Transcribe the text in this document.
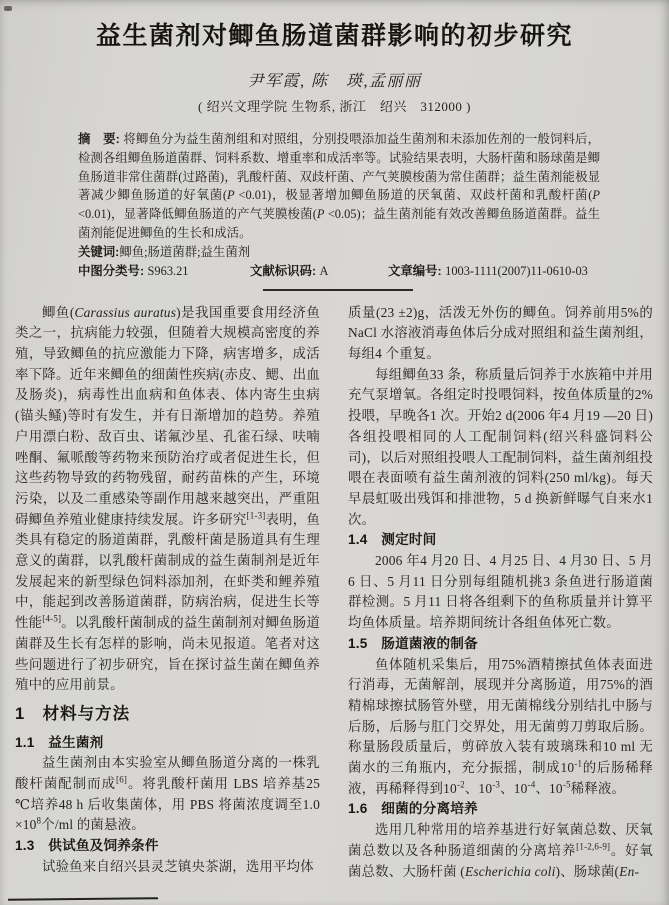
益生菌剂对鲫鱼肠道菌群影响的初步研究
尹军霞, 陈　瑛,孟丽丽
( 绍兴文理学院 生物系, 浙江　绍兴　312000 )
摘　要: 将鲫鱼分为益生菌剂组和对照组，分别投喂添加益生菌剂和未添加佐剂的一般饲料后，检测各组鲫鱼肠道菌群、饲料系数、增重率和成活率等。试验结果表明，大肠杆菌和肠球菌是鲫鱼肠道非常住菌群(过路菌)，乳酸杆菌、双歧杆菌、产气荚膜梭菌为常住菌群；益生菌剂能极显著减少鲫鱼肠道的好氧菌(P <0.01)，极显著增加鲫鱼肠道的厌氧菌、双歧杆菌和乳酸杆菌(P <0.01)，显著降低鲫鱼肠道的产气荚膜梭菌(P <0.05)；益生菌剂能有效改善鲫鱼肠道菌群。益生菌剂能促进鲫鱼的生长和成活。
关键词:鲫鱼;肠道菌群;益生菌剂
中图分类号: S963.21	文献标识码: A	文章编号: 1003-1111(2007)11-0610-03
鲫鱼(Carassius auratus)是我国重要食用经济鱼类之一，抗病能力较强，但随着大规模高密度的养殖，导致鲫鱼的抗应激能力下降，病害增多，成活率下降。近年来鲫鱼的细菌性疾病(赤皮、鳃、出血及肠炎)，病毒性出血病和鱼体表、体内寄生虫病(锚头鳋)等时有发生，并有日渐增加的趋势。养殖户用漂白粉、敌百虫、诺氟沙星、孔雀石绿、呋喃唑酮、氟哌酸等药物来预防治疗或者促进生长，但这些药物导致的药物残留，耐药苗株的产生，环境污染，以及二重感染等副作用越来越突出，严重阻碍鲫鱼养殖业健康持续发展。许多研究[1-3]表明，鱼类具有稳定的肠道菌群，乳酸杆菌是肠道具有生理意义的菌群，以乳酸杆菌制成的益生菌制剂是近年发展起来的新型绿色饲料添加剂，在虾类和鲤养殖中，能起到改善肠道菌群，防病治病，促进生长等性能[4-5]。以乳酸杆菌制成的益生菌制剂对鲫鱼肠道菌群及生长有怎样的影响，尚未见报道。笔者对这些问题进行了初步研究，旨在探讨益生菌在鲫鱼养殖中的应用前景。
1　材料与方法
1.1　益生菌剂
益生菌剂由本实验室从鲫鱼肠道分离的一株乳酸杆菌配制而成[6]。将乳酸杆菌用 LBS 培养基25 ℃培养48 h 后收集菌体，用 PBS 将菌浓度调至$1.0 \times 10^8$个/ml 的菌悬液。
1.3　供试鱼及饲养条件
试验鱼来自绍兴县灵芝镇央茶湖，选用平均体
质量(23 ±2)g，活泼无外伤的鲫鱼。饲养前用5%的 NaCl 水溶液消毒鱼体后分成对照组和益生菌剂组，每组4 个重复。
每组鲫鱼33 条，称质量后饲养于水族箱中并用充气泵增氧。各组定时投喂饲料，按鱼体质量的2%投喂，早晚各1 次。开始2 d(2006 年4 月19 —20 日)各组投喂相同的人工配制饲料(绍兴科盛饲料公司)，以后对照组投喂人工配制饲料，益生菌剂组投喂在表面喷有益生菌剂液的饲料(250 ml/kg)。每天早晨虹吸出残饵和排泄物，5 d 换新鲜曝气自来水1 次。
1.4　测定时间
2006 年4 月20 日、4 月25 日、4 月30 日、5 月6 日、5 月11 日分别每组随机挑3 条鱼进行肠道菌群检测。5 月11 日将各组剩下的鱼称质量并计算平均鱼体质量。培养期间统计各组鱼体死亡数。
1.5　肠道菌液的制备
鱼体随机采集后，用75%酒精擦拭鱼体表面进行消毒，无菌解剖，展现并分离肠道，用75%的酒精棉球擦拭肠管外壁，用无菌棉线分别结扎中肠与后肠，后肠与肛门交界处，用无菌剪刀剪取后肠。称量肠段质量后，剪碎放入装有玻璃珠和10 ml 无菌水的三角瓶内，充分振摇，制成$10^{-1}$的后肠稀释液，再稀释得到$10^{-2}$、$10^{-3}$、$10^{-4}$、$10^{-5}$稀释液。
1.6　细菌的分离培养
选用几种常用的培养基进行好氧菌总数、厌氧菌总数以及各种肠道细菌的分离培养[1-2,6-9]。好氧菌总数、大肠杆菌 (Escherichia coli)、肠球菌(En-
